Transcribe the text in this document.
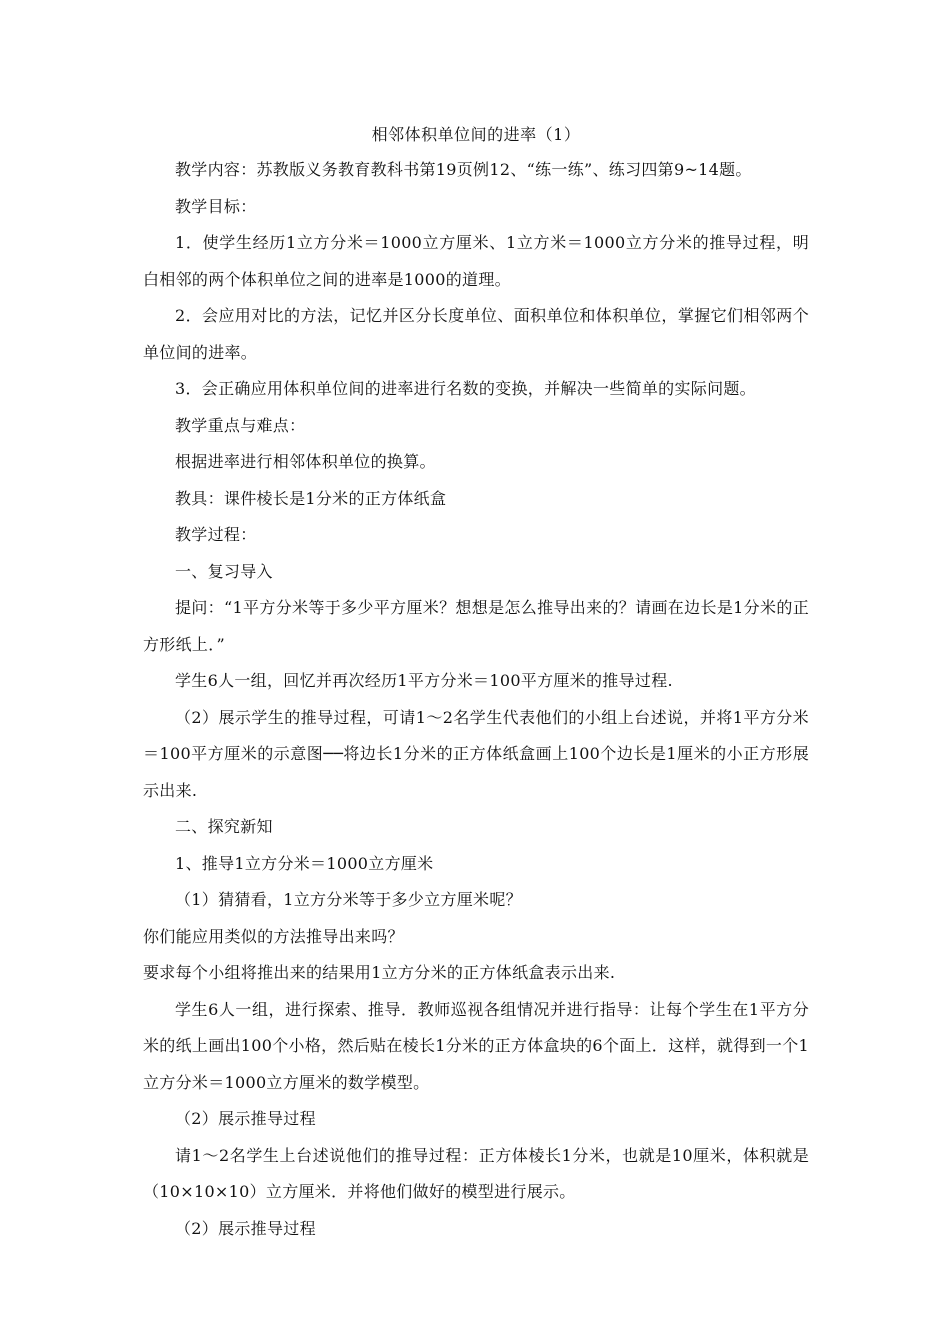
相邻体积单位间的进率（1）

教学内容：苏教版义务教育教科书第19页例12、“练一练”、练习四第9~14题。

教学目标：

1．使学生经历1立方分米＝1000立方厘米、1立方米＝1000立方分米的推导过程，明白相邻的两个体积单位之间的进率是1000的道理。

2．会应用对比的方法，记忆并区分长度单位、面积单位和体积单位，掌握它们相邻两个单位间的进率。

3．会正确应用体积单位间的进率进行名数的变换，并解决一些简单的实际问题。

教学重点与难点：

根据进率进行相邻体积单位的换算。

教具：课件棱长是1分米的正方体纸盒

教学过程：

一、复习导入

提问：“1平方分米等于多少平方厘米？想想是怎么推导出来的？请画在边长是1分米的正方形纸上．”

学生6人一组，回忆并再次经历1平方分米＝100平方厘米的推导过程.

（2）展示学生的推导过程，可请1～2名学生代表他们的小组上台述说，并将1平方分米＝100平方厘米的示意图──将边长1分米的正方体纸盒画上100个边长是1厘米的小正方形展示出来.

二、探究新知

1、推导1立方分米＝1000立方厘米

（1）猜猜看，1立方分米等于多少立方厘米呢？

你们能应用类似的方法推导出来吗？

要求每个小组将推出来的结果用1立方分米的正方体纸盒表示出来.

学生6人一组，进行探索、推导．教师巡视各组情况并进行指导：让每个学生在1平方分米的纸上画出100个小格，然后贴在棱长1分米的正方体盒块的6个面上．这样，就得到一个1立方分米＝1000立方厘米的数学模型。

（2）展示推导过程

请1～2名学生上台述说他们的推导过程：正方体棱长1分米，也就是10厘米，体积就是（10×10×10）立方厘米．并将他们做好的模型进行展示。

（2）展示推导过程
